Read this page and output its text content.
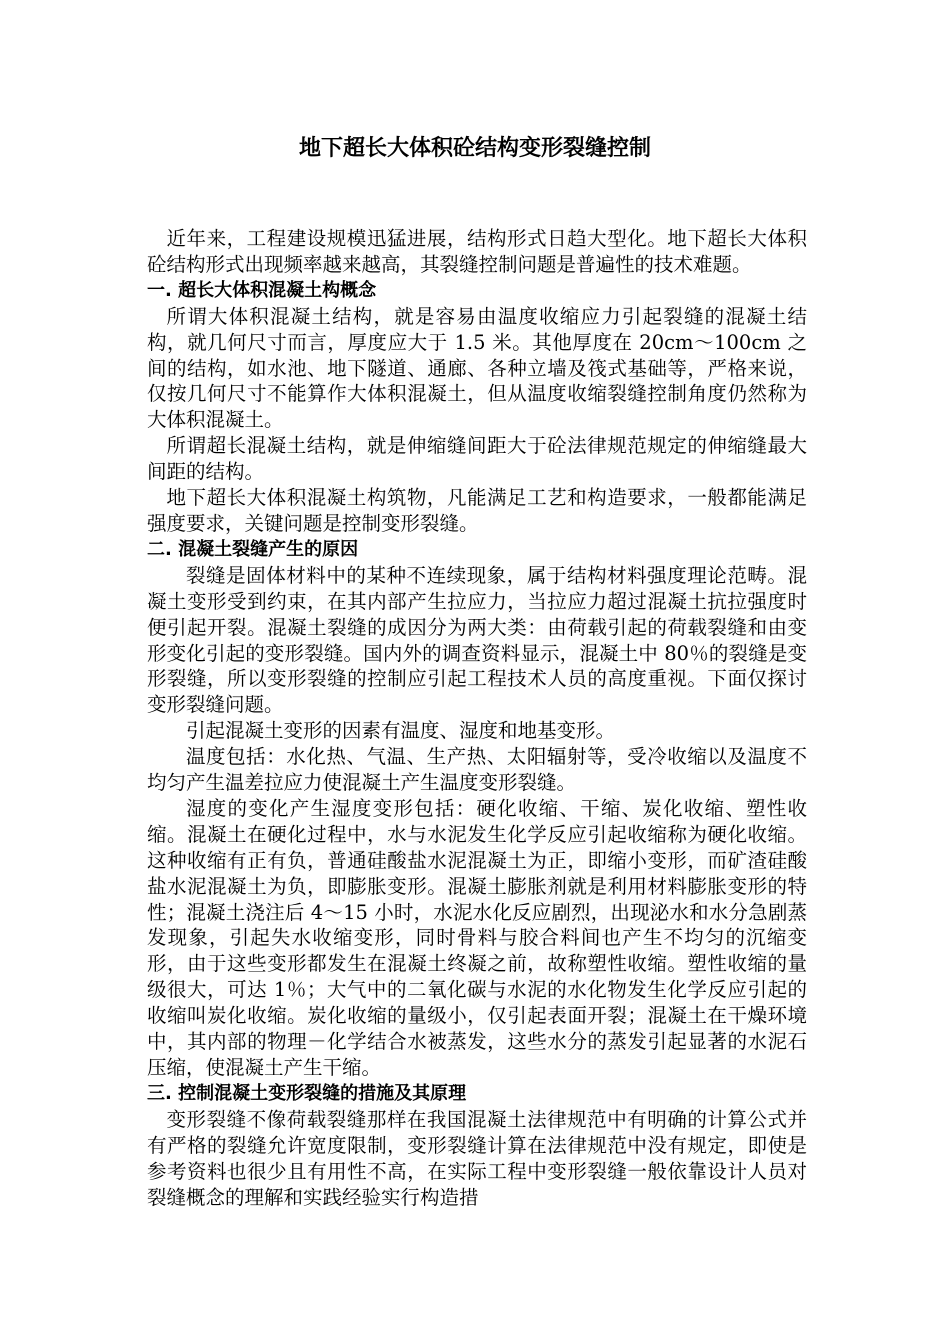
地下超长大体积砼结构变形裂缝控制

近年来，工程建设规模迅猛进展，结构形式日趋大型化。地下超长大体积砼结构形式出现频率越来越高，其裂缝控制问题是普遍性的技术难题。

一. 超长大体积混凝土构概念

所谓大体积混凝土结构，就是容易由温度收缩应力引起裂缝的混凝土结构，就几何尺寸而言，厚度应大于 1.5 米。其他厚度在 20cm～100cm 之间的结构，如水池、地下隧道、通廊、各种立墙及筏式基础等，严格来说，仅按几何尺寸不能算作大体积混凝土，但从温度收缩裂缝控制角度仍然称为大体积混凝土。

所谓超长混凝土结构，就是伸缩缝间距大于砼法律规范规定的伸缩缝最大间距的结构。

地下超长大体积混凝土构筑物，凡能满足工艺和构造要求，一般都能满足强度要求，关键问题是控制变形裂缝。

二. 混凝土裂缝产生的原因

裂缝是固体材料中的某种不连续现象，属于结构材料强度理论范畴。混凝土变形受到约束，在其内部产生拉应力，当拉应力超过混凝土抗拉强度时便引起开裂。混凝土裂缝的成因分为两大类：由荷载引起的荷载裂缝和由变形变化引起的变形裂缝。国内外的调查资料显示，混凝土中 80％的裂缝是变形裂缝，所以变形裂缝的控制应引起工程技术人员的高度重视。下面仅探讨变形裂缝问题。

引起混凝土变形的因素有温度、湿度和地基变形。

温度包括：水化热、气温、生产热、太阳辐射等，受冷收缩以及温度不均匀产生温差拉应力使混凝土产生温度变形裂缝。

湿度的变化产生湿度变形包括：硬化收缩、干缩、炭化收缩、塑性收缩。混凝土在硬化过程中，水与水泥发生化学反应引起收缩称为硬化收缩。这种收缩有正有负，普通硅酸盐水泥混凝土为正，即缩小变形，而矿渣硅酸盐水泥混凝土为负，即膨胀变形。混凝土膨胀剂就是利用材料膨胀变形的特性；混凝土浇注后 4～15 小时，水泥水化反应剧烈，出现泌水和水分急剧蒸发现象，引起失水收缩变形，同时骨料与胶合料间也产生不均匀的沉缩变形，由于这些变形都发生在混凝土终凝之前，故称塑性收缩。塑性收缩的量级很大，可达 1％；大气中的二氧化碳与水泥的水化物发生化学反应引起的收缩叫炭化收缩。炭化收缩的量级小，仅引起表面开裂；混凝土在干燥环境中，其内部的物理－化学结合水被蒸发，这些水分的蒸发引起显著的水泥石压缩，使混凝土产生干缩。

三. 控制混凝土变形裂缝的措施及其原理

变形裂缝不像荷载裂缝那样在我国混凝土法律规范中有明确的计算公式并有严格的裂缝允许宽度限制，变形裂缝计算在法律规范中没有规定，即使是参考资料也很少且有用性不高，在实际工程中变形裂缝一般依靠设计人员对裂缝概念的理解和实践经验实行构造措
